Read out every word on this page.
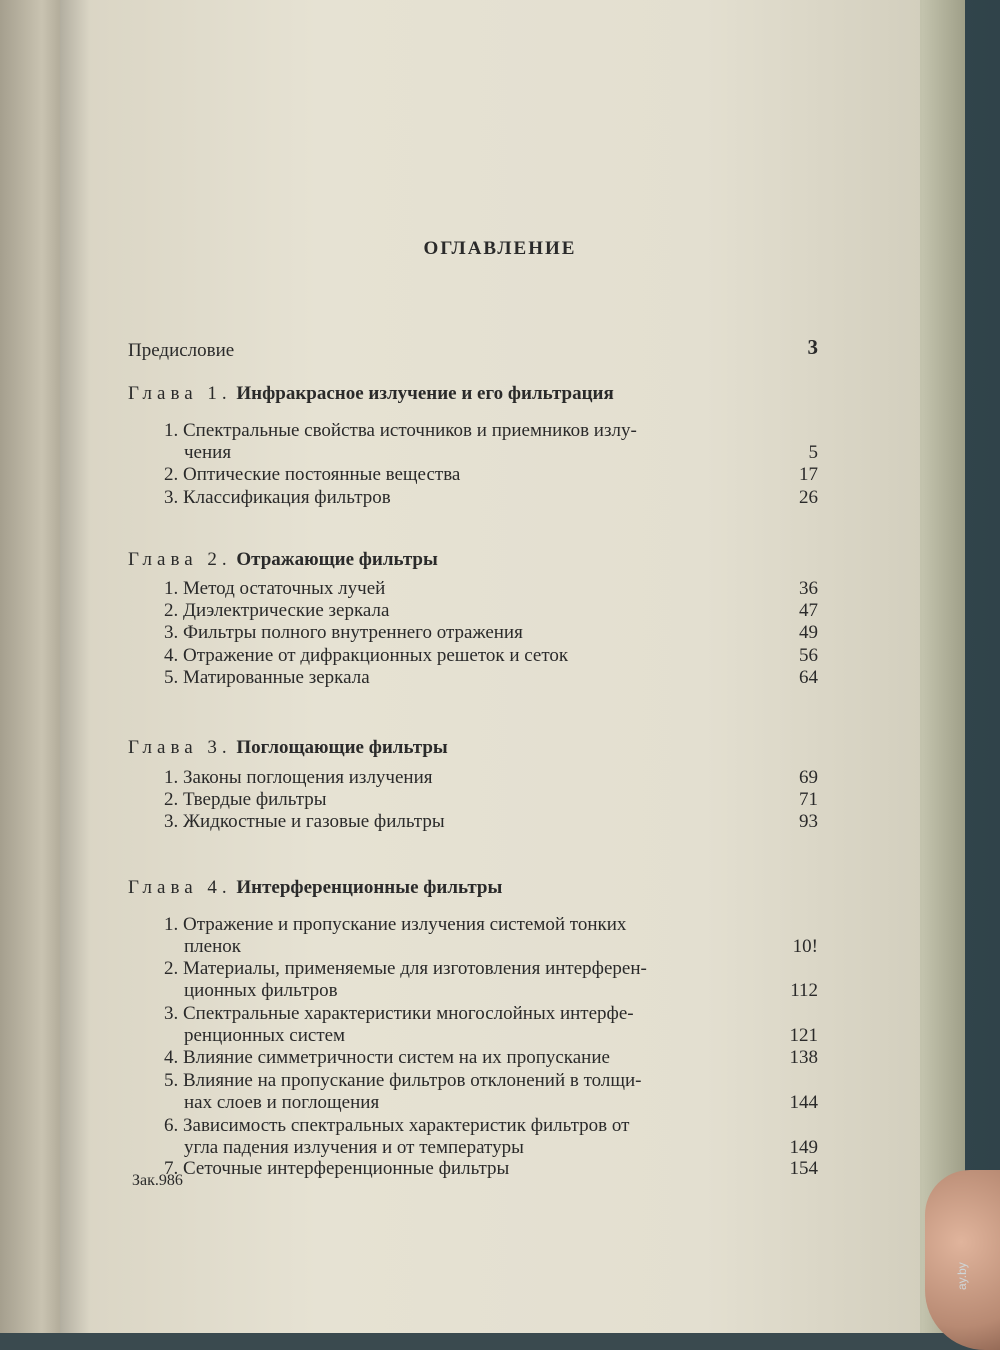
ОГЛАВЛЕНИЕ
Предисловие	3
Глава 1. Инфракрасное излучение и его фильтрация
1. Спектральные свойства источников и приемников излу-
чения	5
2. Оптические постоянные вещества	17
3. Классификация фильтров	26
Глава 2. Отражающие фильтры
1. Метод остаточных лучей	36
2. Диэлектрические зеркала	47
3. Фильтры полного внутреннего отражения	49
4. Отражение от дифракционных решеток и сеток	56
5. Матированные зеркала	64
Глава 3. Поглощающие фильтры
1. Законы поглощения излучения	69
2. Твердые фильтры	71
3. Жидкостные и газовые фильтры	93
Глава 4. Интерференционные фильтры
1. Отражение и пропускание излучения системой тонких
пленок	10!
2. Материалы, применяемые для изготовления интерферен-
ционных фильтров	112
3. Спектральные характеристики многослойных интерфе-
ренционных систем	121
4. Влияние симметричности систем на их пропускание	138
5. Влияние на пропускание фильтров отклонений в толщи-
нах слоев и поглощения	144
6. Зависимость спектральных характеристик фильтров от
угла падения излучения и от температуры	149
7. Сеточные интерференционные фильтры	154
Зак.986
ay.by
